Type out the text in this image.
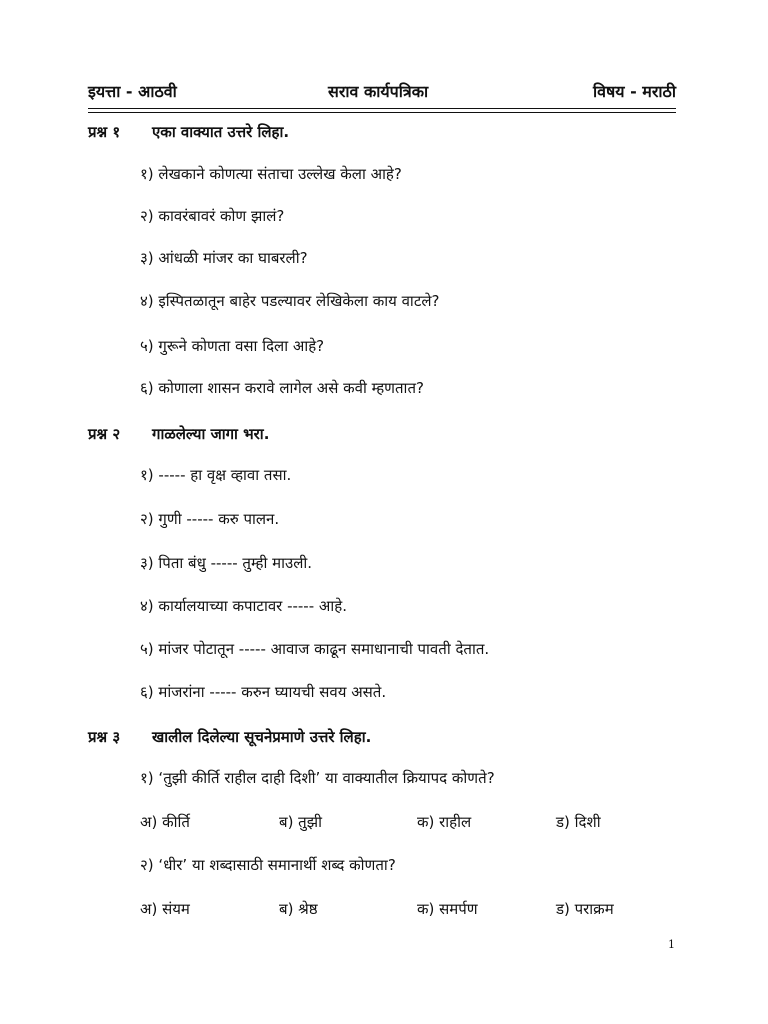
इयत्ता - आठवी	सराव कार्यपत्रिका	विषय - मराठी
प्रश्न १ एका वाक्यात उत्तरे लिहा.
१) लेखकाने कोणत्या संताचा उल्लेख केला आहे?
२) कावरंबावरं कोण झालं?
३) आंधळी मांजर का घाबरली?
४) इस्पितळातून बाहेर पडल्यावर लेखिकेला काय वाटले?
५) गुरूने कोणता वसा दिला आहे?
६) कोणाला शासन करावे लागेल असे कवी म्हणतात?
प्रश्न २ गाळलेल्या जागा भरा.
१) ----- हा वृक्ष व्हावा तसा.
२) गुणी ----- करु पालन.
३) पिता बंधु ----- तुम्ही माउली.
४) कार्यालयाच्या कपाटावर ----- आहे.
५) मांजर पोटातून ----- आवाज काढून समाधानाची पावती देतात.
६) मांजरांना ----- करुन घ्यायची सवय असते.
प्रश्न ३ खालील दिलेल्या सूचनेप्रमाणे उत्तरे लिहा.
१) ‘तुझी कीर्ति राहील दाही दिशी’ या वाक्यातील क्रियापद कोणते?
अ) कीर्ति	ब) तुझी	क) राहील	ड) दिशी
२) ‘धीर’ या शब्दासाठी समानार्थी शब्द कोणता?
अ) संयम	ब) श्रेष्ठ	क) समर्पण	ड) पराक्रम
1
